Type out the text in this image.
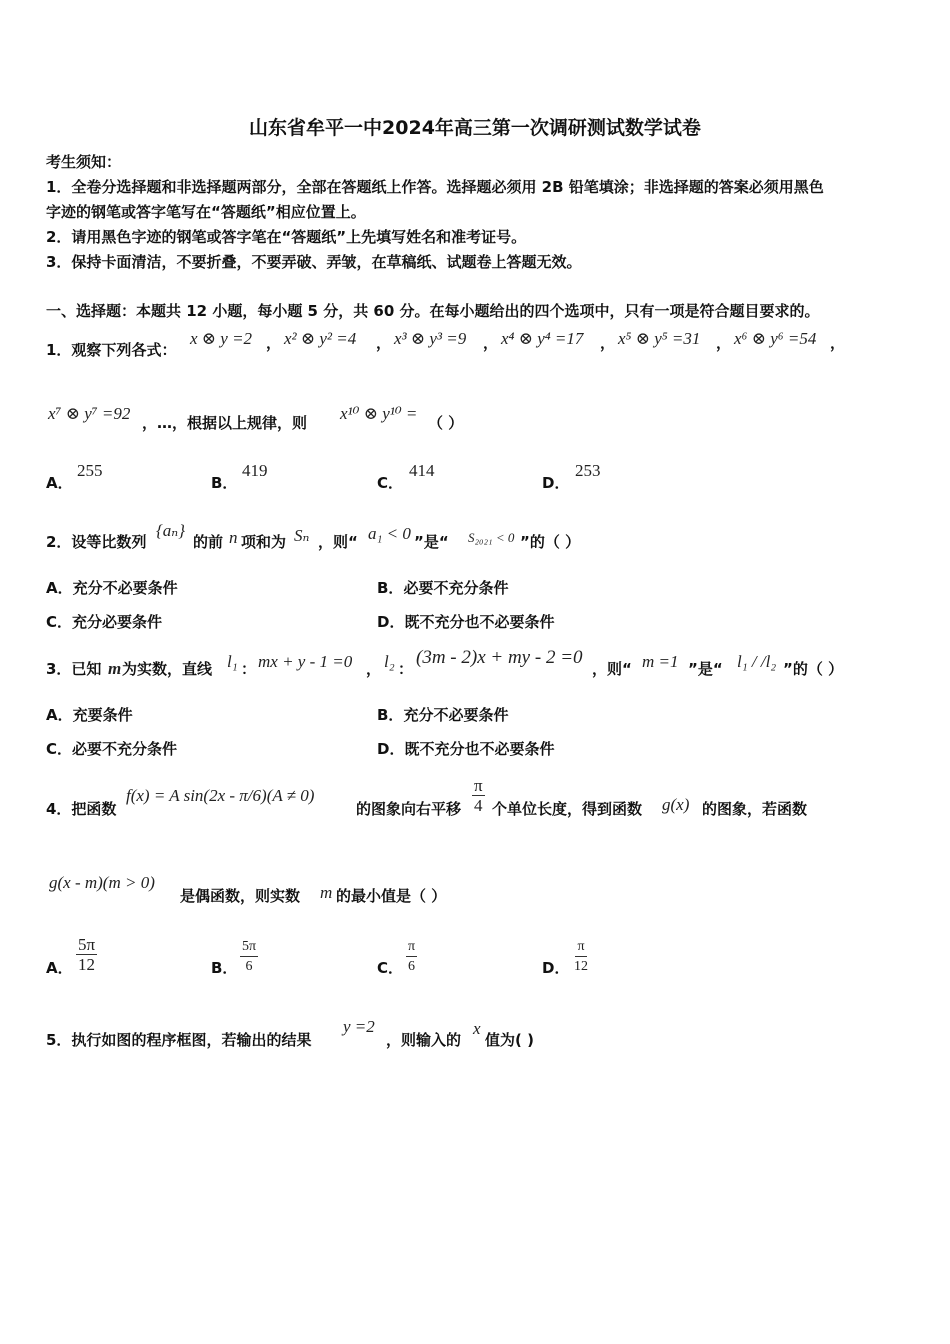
山东省牟平一中2024年高三第一次调研测试数学试卷
考生须知：
1．全卷分选择题和非选择题两部分，全部在答题纸上作答。选择题必须用 2B 铅笔填涂；非选择题的答案必须用黑色
字迹的钢笔或答字笔写在“答题纸”相应位置上。
2．请用黑色字迹的钢笔或答字笔在“答题纸”上先填写姓名和准考证号。
3．保持卡面清洁，不要折叠，不要弄破、弄皱，在草稿纸、试题卷上答题无效。
一、选择题：本题共 12 小题，每小题 5 分，共 60 分。在每小题给出的四个选项中，只有一项是符合题目要求的。
1．观察下列各式：
x ⊗ y =2 ， x² ⊗ y² =4 ， x³ ⊗ y³ =9 ， x⁴ ⊗ y⁴ =17 ， x⁵ ⊗ y⁵ =31 ， x⁶ ⊗ y⁶ =54 ，
x⁷ ⊗ y⁷ =92 ，…，根据以上规律，则 x¹⁰ ⊗ y¹⁰ = （ ）
A．
255
B．
419
C．
414
D．
253
2．设等比数列
{aₙ}
的前 n 项和为 Sₙ ，则“ a₁ < 0 ”是“ S₂₀₂₁ < 0 ”的（ ）
A．充分不必要条件	B．必要不充分条件
C．充分必要条件	D．既不充分也不必要条件
3．已知 m 为实数，直线 l₁ ： mx + y - 1 =0 ， l₂ ：
(3m - 2)x + my - 2 =0
，则“ m =1 ”是“ l₁ / /l₂ ”的（ ）
A．充要条件	B．充分不必要条件
C．必要不充分条件	D．既不充分也不必要条件
4．把函数
f(x) = A sin(2x - π/6)(A ≠ 0)
的图象向右平移 $\frac{\pi}{4}$ 个单位长度，得到函数 g(x) 的图象，若函数
g(x - m)(m > 0)
是偶函数，则实数 m 的最小值是（ ）
A． $\frac{5\pi}{12}$	B． $\frac{5\pi}{6}$	C． $\frac{\pi}{6}$	D． $\frac{\pi}{12}$
5．执行如图的程序框图，若输出的结果
y =2
，则输入的
x
值为( )
